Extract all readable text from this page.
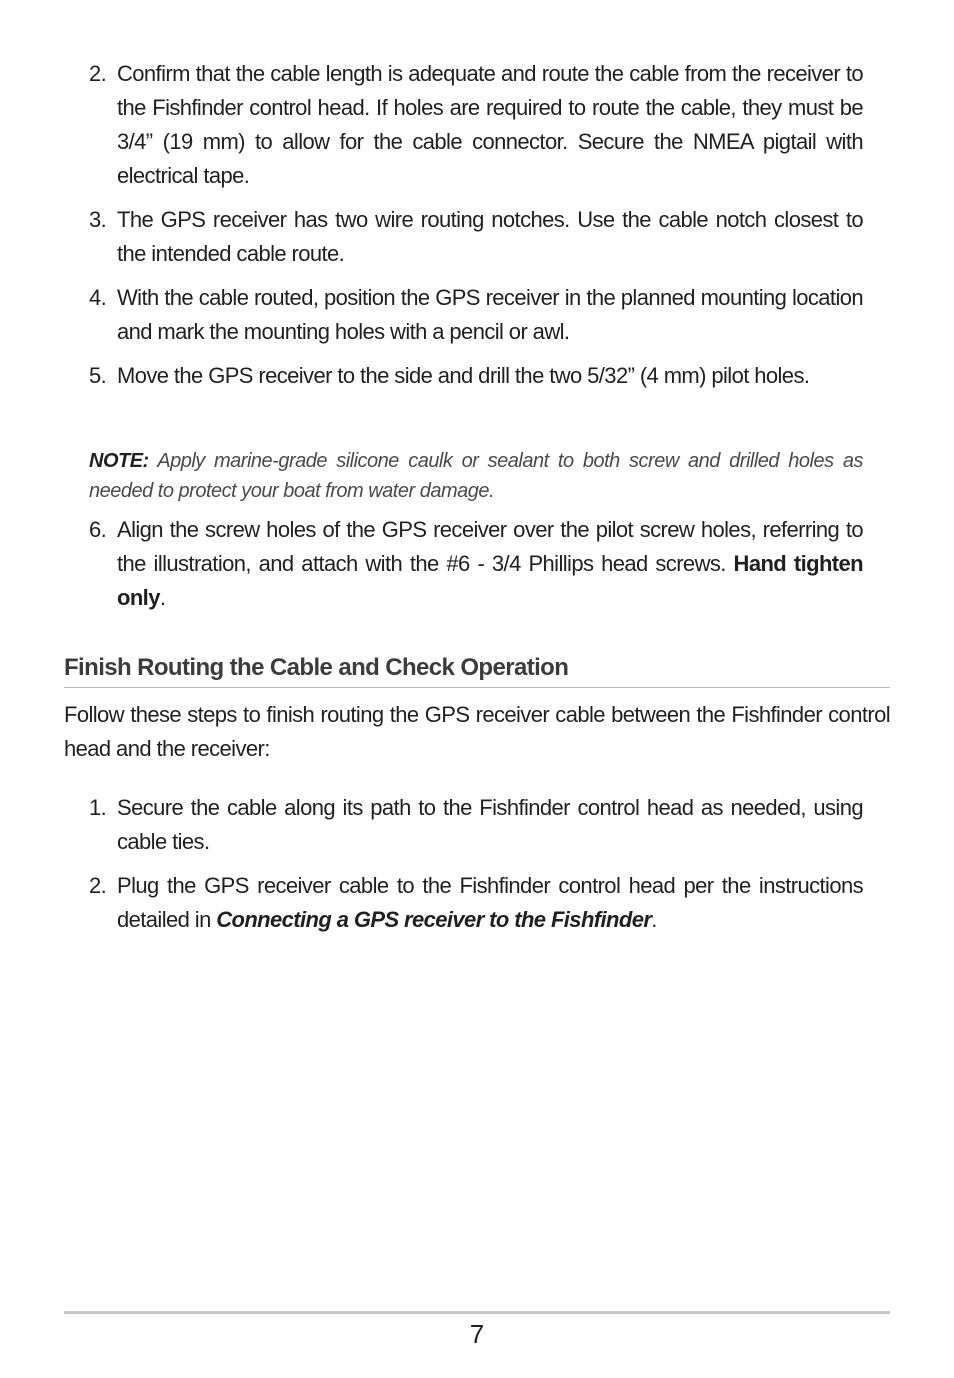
2. Confirm that the cable length is adequate and route the cable from the receiver to the Fishfinder control head. If holes are required to route the cable, they must be 3/4” (19 mm) to allow for the cable connector. Secure the NMEA pigtail with electrical tape.
3. The GPS receiver has two wire routing notches. Use the cable notch closest to the intended cable route.
4. With the cable routed, position the GPS receiver in the planned mounting location and mark the mounting holes with a pencil or awl.
5. Move the GPS receiver to the side and drill the two 5/32” (4 mm) pilot holes.

NOTE: Apply marine-grade silicone caulk or sealant to both screw and drilled holes as needed to protect your boat from water damage.

6. Align the screw holes of the GPS receiver over the pilot screw holes, referring to the illustration, and attach with the #6 - 3/4 Phillips head screws. Hand tighten only.
Finish Routing the Cable and Check Operation

Follow these steps to finish routing the GPS receiver cable between the Fishfinder control head and the receiver:

1. Secure the cable along its path to the Fishfinder control head as needed, using cable ties.
2. Plug the GPS receiver cable to the Fishfinder control head per the instructions detailed in Connecting a GPS receiver to the Fishfinder.
7
